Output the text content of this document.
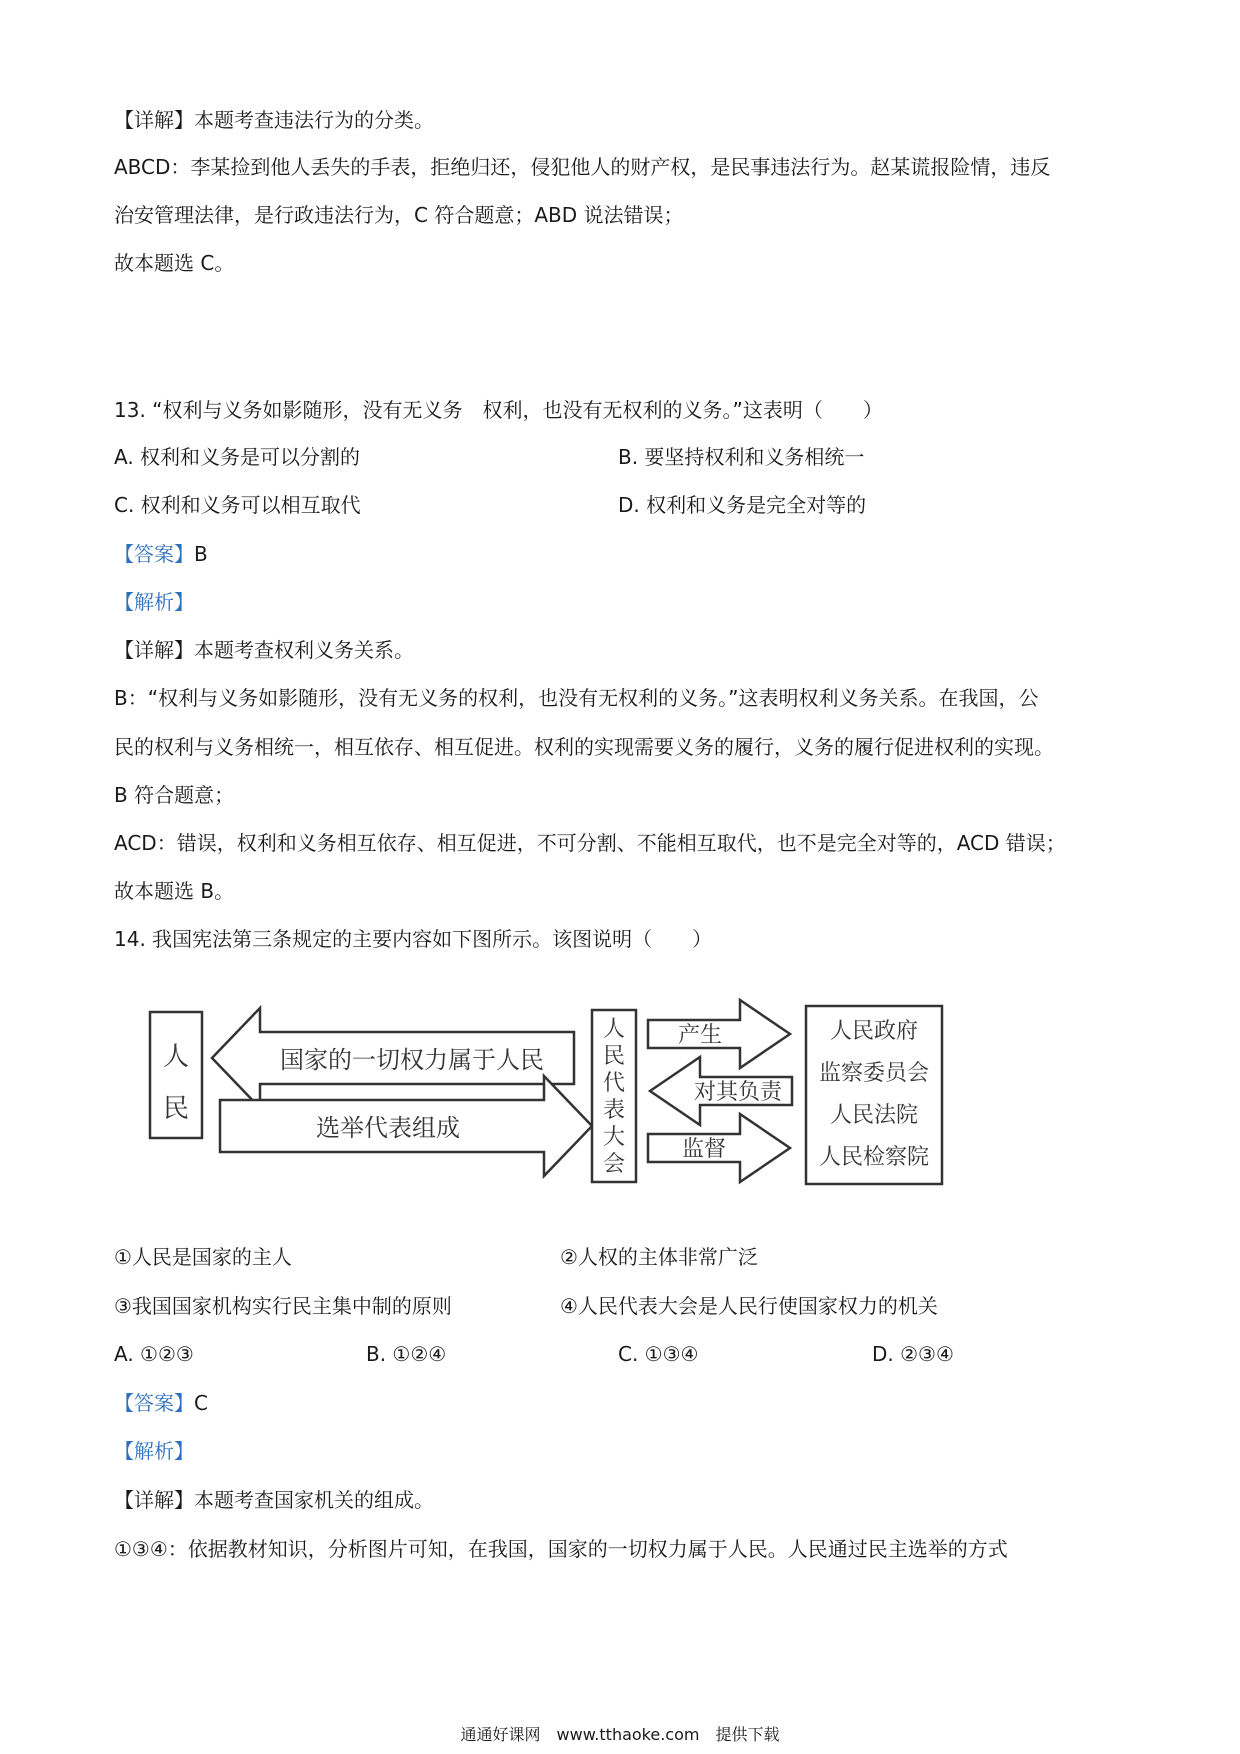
【详解】本题考查违法行为的分类。
ABCD：李某捡到他人丢失的手表，拒绝归还，侵犯他人的财产权，是民事违法行为。赵某谎报险情，违反
治安管理法律，是行政违法行为，C 符合题意；ABD 说法错误；
故本题选 C。
13. “权利与义务如影随形，没有无义务　权利，也没有无权利的义务。”这表明（　　）
A. 权利和义务是可以分割的	B. 要坚持权利和义务相统一
C. 权利和义务可以相互取代	D. 权利和义务是完全对等的
【答案】B
【解析】
【详解】本题考查权利义务关系。
B：“权利与义务如影随形，没有无义务的权利，也没有无权利的义务。”这表明权利义务关系。在我国，公
民的权利与义务相统一，相互依存、相互促进。权利的实现需要义务的履行，义务的履行促进权利的实现。
B 符合题意；
ACD：错误，权利和义务相互依存、相互促进，不可分割、不能相互取代，也不是完全对等的，ACD 错误；
故本题选 B。
14. 我国宪法第三条规定的主要内容如下图所示。该图说明（　　）
人
民
国家的一切权力属于人民
选举代表组成
人
民
代
表
大
会
产生
对其负责
监督
人民政府
监察委员会
人民法院
人民检察院
①人民是国家的主人	②人权的主体非常广泛
③我国国家机构实行民主集中制的原则	④人民代表大会是人民行使国家权力的机关
A. ①②③	B. ①②④	C. ①③④	D. ②③④
【答案】C
【解析】
【详解】本题考查国家机关的组成。
①③④：依据教材知识，分析图片可知，在我国，国家的一切权力属于人民。人民通过民主选举的方式
通通好课网　www.tthaoke.com　提供下载
